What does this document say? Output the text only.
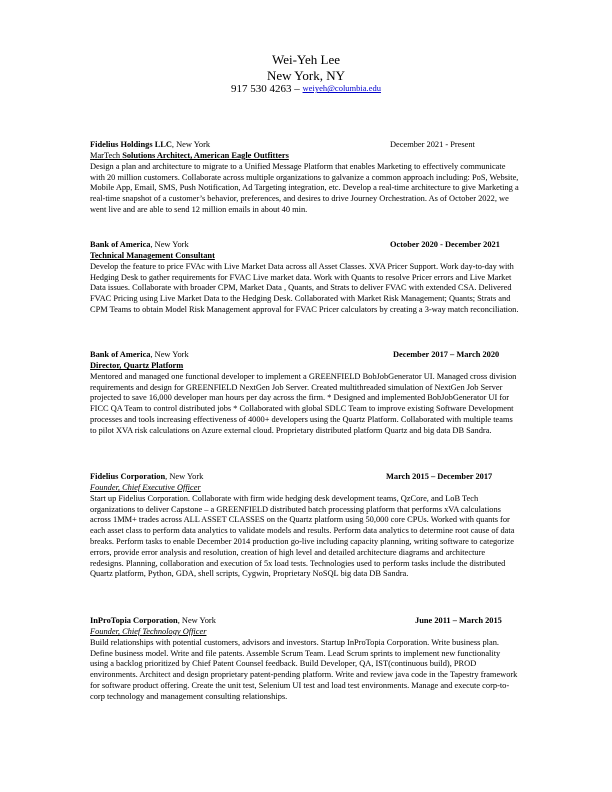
Wei-Yeh Lee
New York, NY
917 530 4263 – weiyeh@columbia.edu
Fidelius Holdings LLC, New York	December 2021 - Present
MarTech Solutions Architect, American Eagle Outfitters

Design a plan and architecture to migrate to a Unified Message Platform that enables Marketing to effectively communicate with 20 million customers. Collaborate across multiple organizations to galvanize a common approach including: PoS, Website, Mobile App, Email, SMS, Push Notification, Ad Targeting integration, etc. Develop a real-time architecture to give Marketing a real-time snapshot of a customer’s behavior, preferences, and desires to drive Journey Orchestration. As of October 2022, we went live and are able to send 12 million emails in about 40 min.

Bank of America, New York	October 2020 - December 2021
Technical Management Consultant

Develop the feature to price FVAc with Live Market Data across all Asset Classes. XVA Pricer Support. Work day-to-day with Hedging Desk to gather requirements for FVAC Live market data. Work with Quants to resolve Pricer errors and Live Market Data issues. Collaborate with broader CPM, Market Data , Quants, and Strats to deliver FVAC with extended CSA. Delivered FVAC Pricing using Live Market Data to the Hedging Desk. Collaborated with Market Risk Management; Quants; Strats and CPM Teams to obtain Model Risk Management approval for FVAC Pricer calculators by creating a 3-way match reconciliation.

Bank of America, New York	December 2017 – March 2020
Director, Quartz Platform

Mentored and managed one functional developer to implement a GREENFIELD BobJobGenerator UI. Managed cross division requirements and design for GREENFIELD NextGen Job Server. Created multithreaded simulation of NextGen Job Server projected to save 16,000 developer man hours per day across the firm. * Designed and implemented BobJobGenerator UI for FICC QA Team to control distributed jobs * Collaborated with global SDLC Team to improve existing Software Development processes and tools increasing effectiveness of 4000+ developers using the Quartz Platform. Collaborated with multiple teams to pilot XVA risk calculations on Azure external cloud. Proprietary distributed platform Quartz and big data DB Sandra.

Fidelius Corporation, New York	March 2015 – December 2017
Founder, Chief Executive Officer

Start up Fidelius Corporation. Collaborate with firm wide hedging desk development teams, QzCore, and LoB Tech organizations to deliver Capstone – a GREENFIELD distributed batch processing platform that performs xVA calculations across 1MM+ trades across ALL ASSET CLASSES on the Quartz platform using 50,000 core CPUs. Worked with quants for each asset class to perform data analytics to validate models and results. Perform data analytics to determine root cause of data breaks. Perform tasks to enable December 2014 production go-live including capacity planning, writing software to categorize errors, provide error analysis and resolution, creation of high level and detailed architecture diagrams and architecture redesigns. Planning, collaboration and execution of 5x load tests. Technologies used to perform tasks include the distributed Quartz platform, Python, GDA, shell scripts, Cygwin, Proprietary NoSQL big data DB Sandra.

InProTopia Corporation, New York	June 2011 – March 2015
Founder, Chief Technology Officer

Build relationships with potential customers, advisors and investors. Startup InProTopia Corporation. Write business plan. Define business model. Write and file patents. Assemble Scrum Team. Lead Scrum sprints to implement new functionality using a backlog prioritized by Chief Patent Counsel feedback. Build Developer, QA, IST(continuous build), PROD environments. Architect and design proprietary patent-pending platform. Write and review java code in the Tapestry framework for software product offering. Create the unit test, Selenium UI test and load test environments. Manage and execute corp-to-corp technology and management consulting relationships.
